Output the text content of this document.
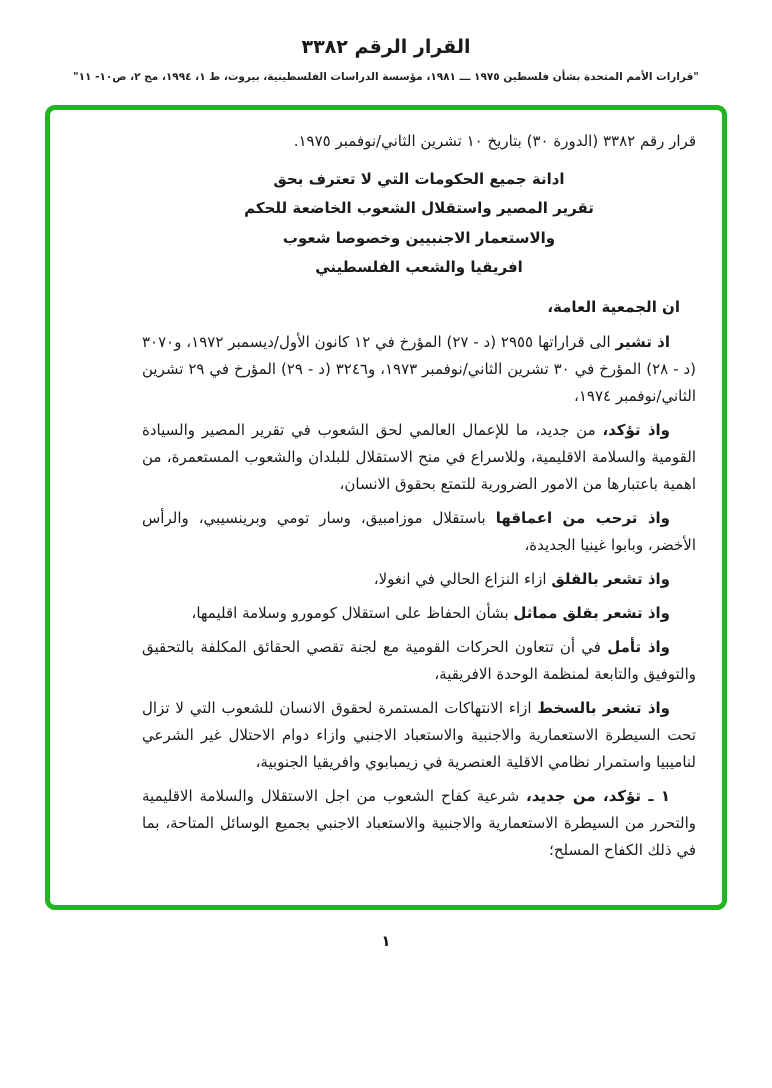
القرار الرقم ٣٣٨٢
"قرارات الأمم المتحدة بشأن فلسطين ١٩٧٥ ـــ ١٩٨١، مؤسسة الدراسات الفلسطينية، بيروت، ط ١، ١٩٩٤، مج ٢، ص١٠- ١١"

قرار رقم ٣٣٨٢ (الدورة ٣٠) بتاريخ ١٠ تشرين الثاني/نوفمبر ١٩٧٥.

ادانة جميع الحكومات التي لا تعترف بحق
تقرير المصير واستقلال الشعوب الخاضعة للحكم
والاستعمار الاجنبيين وخصوصا شعوب
افريقيا والشعب الفلسطيني

ان الجمعية العامة،

اذ تشير الى قراراتها ٢٩٥٥ (د - ٢٧) المؤرخ في ١٢ كانون الأول/ديسمبر ١٩٧٢، و٣٠٧٠ (د - ٢٨) المؤرخ في ٣٠ تشرين الثاني/نوفمبر ١٩٧٣، و٣٢٤٦ (د - ٢٩) المؤرخ في ٢٩ تشرين الثاني/نوفمبر ١٩٧٤،

واذ تؤكد، من جديد، ما للإعمال العالمي لحق الشعوب في تقرير المصير والسيادة القومية والسلامة الاقليمية، وللاسراع في منح الاستقلال للبلدان والشعوب المستعمرة، من اهمية باعتبارها من الامور الضرورية للتمتع بحقوق الانسان،

واذ ترحب من اعماقها باستقلال موزامبيق، وسار تومي وبرينسيبي، والرأس الأخضر، وبابوا غينيا الجديدة،

واذ تشعر بالقلق ازاء النزاع الحالي في انغولا،

واذ تشعر بقلق مماثل بشأن الحفاظ على استقلال كومورو وسلامة اقليمها،

واذ تأمل في أن تتعاون الحركات القومية مع لجنة تقصي الحقائق المكلفة بالتحقيق والتوفيق والتابعة لمنظمة الوحدة الافريقية،

واذ تشعر بالسخط ازاء الانتهاكات المستمرة لحقوق الانسان للشعوب التي لا تزال تحت السيطرة الاستعمارية والاجنبية والاستعباد الاجنبي وازاء دوام الاحتلال غير الشرعي لناميبيا واستمرار نظامي الاقلية العنصرية في زيمبابوي وافريقيا الجنوبية،

١ ـ تؤكد، من جديد، شرعية كفاح الشعوب من اجل الاستقلال والسلامة الاقليمية والتحرر من السيطرة الاستعمارية والاجنبية والاستعباد الاجنبي بجميع الوسائل المتاحة، بما في ذلك الكفاح المسلح؛

١
